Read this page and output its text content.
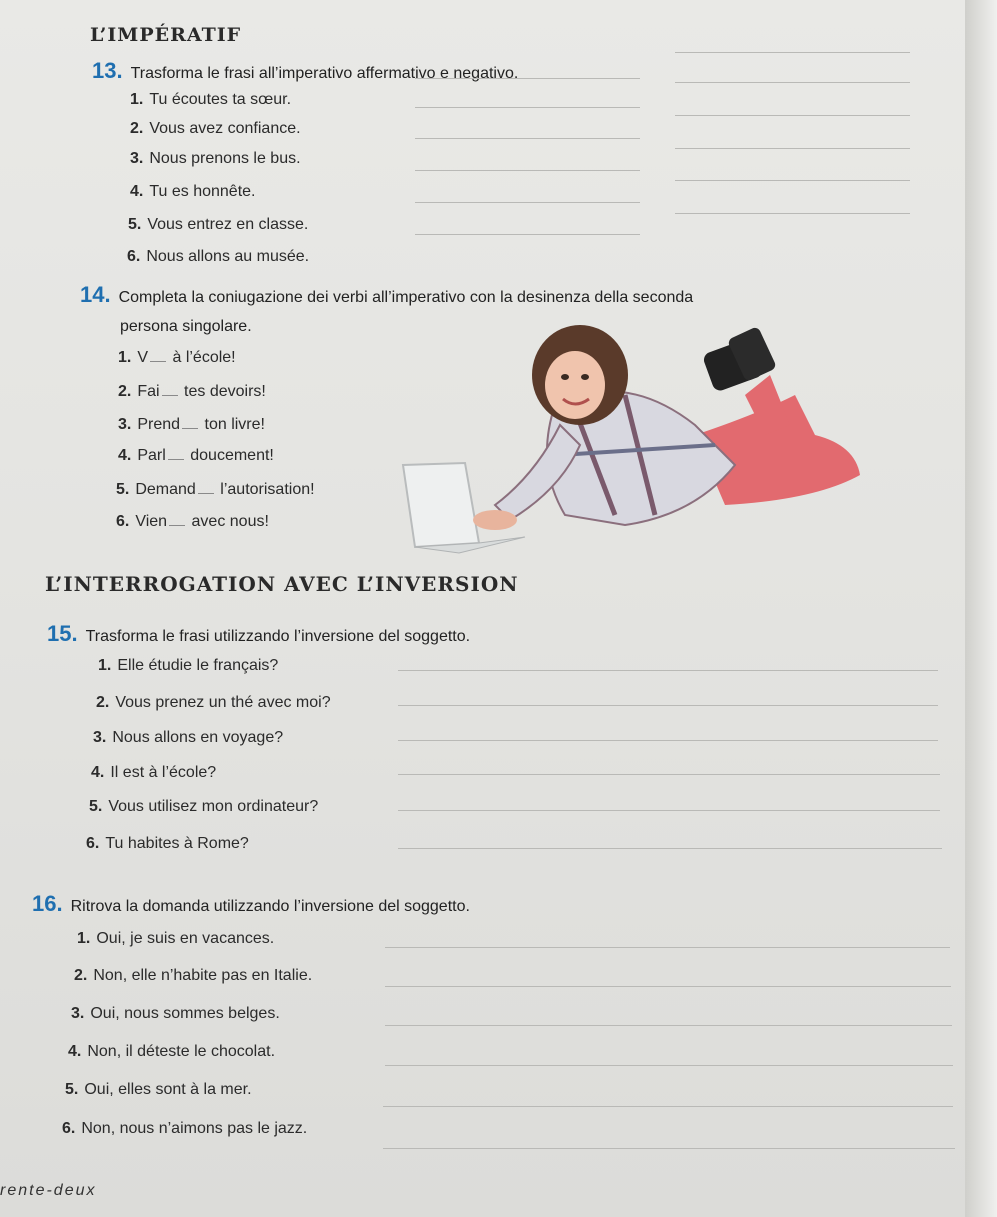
L’IMPÉRATIF

13. Trasforma le frasi all’imperativo affermativo e negativo.

1. Tu écoutes ta sœur.
2. Vous avez confiance.
3. Nous prenons le bus.
4. Tu es honnête.
5. Vous entrez en classe.
6. Nous allons au musée.

14. Completa la coniugazione dei verbi all’imperativo con la desinenza della seconda

persona singolare.

1. V à l’école!
2. Fai tes devoirs!
3. Prend ton livre!
4. Parl doucement!
5. Demand l’autorisation!
6. Vien avec nous!
L’INTERROGATION AVEC L’INVERSION

15. Trasforma le frasi utilizzando l’inversione del soggetto.

1. Elle étudie le français?
2. Vous prenez un thé avec moi?
3. Nous allons en voyage?
4. Il est à l’école?
5. Vous utilisez mon ordinateur?
6. Tu habites à Rome?

16. Ritrova la domanda utilizzando l’inversione del soggetto.

1. Oui, je suis en vacances.
2. Non, elle n’habite pas en Italie.
3. Oui, nous sommes belges.
4. Non, il déteste le chocolat.
5. Oui, elles sont à la mer.
6. Non, nous n’aimons pas le jazz.
rente-deux
